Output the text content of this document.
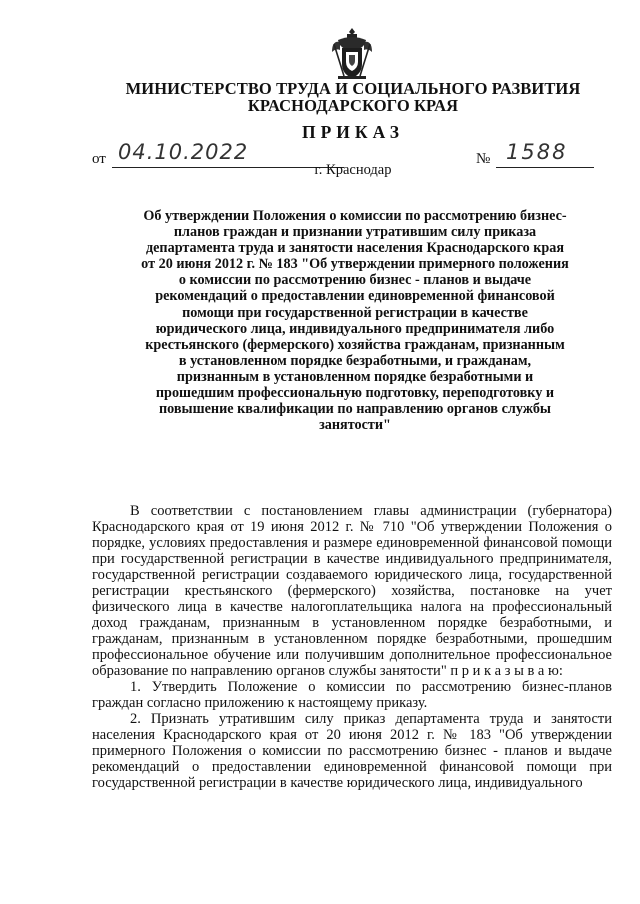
МИНИСТЕРСТВО ТРУДА И СОЦИАЛЬНОГО РАЗВИТИЯ
КРАСНОДАРСКОГО КРАЯ
ПРИКАЗ
от 04.10.2022	№ 1588
г. Краснодар

Об утверждении Положения о комиссии по рассмотрению бизнес-планов граждан и признании утратившим силу приказа департамента труда и занятости населения Краснодарского края от 20 июня 2012 г. № 183 "Об утверждении примерного положения о комиссии по рассмотрению бизнес - планов и выдаче рекомендаций о предоставлении единовременной финансовой помощи при государственной регистрации в качестве юридического лица, индивидуального предпринимателя либо крестьянского (фермерского) хозяйства гражданам, признанным в установленном порядке безработными, и гражданам, признанным в установленном порядке безработными и прошедшим профессиональную подготовку, переподготовку и повышение квалификации по направлению органов службы занятости"

В соответствии с постановлением главы администрации (губернатора) Краснодарского края от 19 июня 2012 г. № 710 "Об утверждении Положения о порядке, условиях предоставления и размере единовременной финансовой помощи при государственной регистрации в качестве индивидуального предпринимателя, государственной регистрации создаваемого юридического лица, государственной регистрации крестьянского (фермерского) хозяйства, постановке на учет физического лица в качестве налогоплательщика налога на профессиональный доход гражданам, признанным в установленном порядке безработными, и гражданам, признанным в установленном порядке безработными, прошедшим профессиональное обучение или получившим дополнительное профессиональное образование по направлению органов службы занятости" п р и к а з ы в а ю:

1. Утвердить Положение о комиссии по рассмотрению бизнес-планов граждан согласно приложению к настоящему приказу.

2. Признать утратившим силу приказ департамента труда и занятости населения Краснодарского края от 20 июня 2012 г. № 183 "Об утверждении примерного Положения о комиссии по рассмотрению бизнес - планов и выдаче рекомендаций о предоставлении единовременной финансовой помощи при государственной регистрации в качестве юридического лица, индивидуального
